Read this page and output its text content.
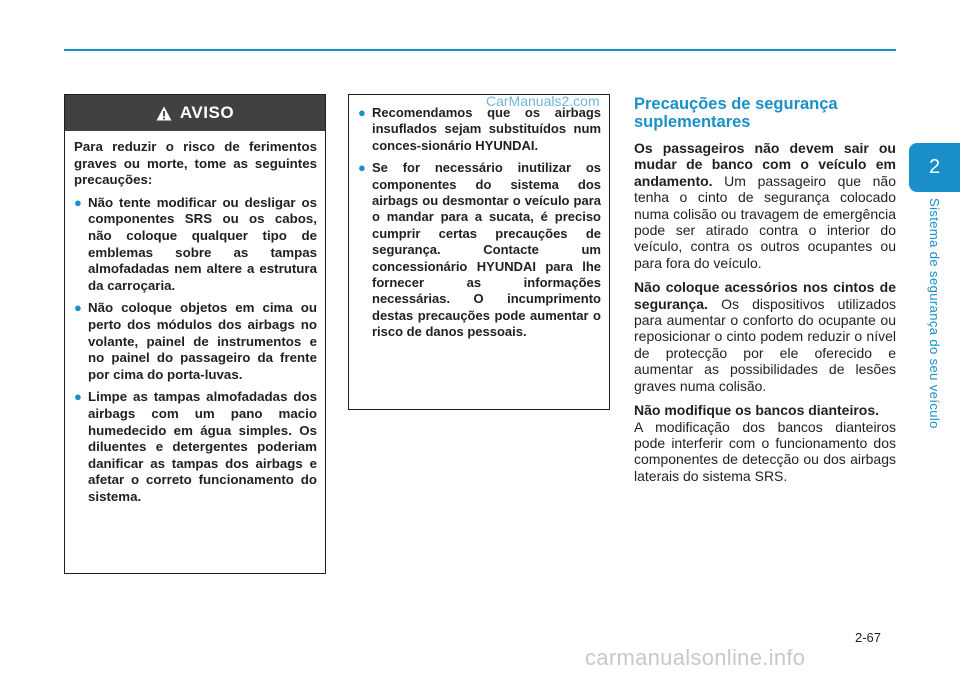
2
Sistema de segurança do seu veículo
AVISO

Para reduzir o risco de ferimentos graves ou morte, tome as seguintes precauções:

● Não tente modificar ou desligar os componentes SRS ou os cabos, não coloque qualquer tipo de emblemas sobre as tampas almofadadas nem altere a estrutura da carroçaria.
● Não coloque objetos em cima ou perto dos módulos dos airbags no volante, painel de instrumentos e no painel do passageiro da frente por cima do porta-luvas.
● Limpe as tampas almofadadas dos airbags com um pano macio humedecido em água simples. Os diluentes e detergentes poderiam danificar as tampas dos airbags e afetar o correto funcionamento do sistema.
● Recomendamos que os airbags insuflados sejam substituídos num conces-sionário HYUNDAI.
● Se for necessário inutilizar os componentes do sistema dos airbags ou desmontar o veículo para o mandar para a sucata, é preciso cumprir certas precauções de segurança. Contacte um concessionário HYUNDAI para lhe fornecer as informações necessárias. O incumprimento destas precauções pode aumentar o risco de danos pessoais.
CarManuals2.com Precauções de segurança suplementares

Os passageiros não devem sair ou mudar de banco com o veículo em andamento. Um passageiro que não tenha o cinto de segurança colocado numa colisão ou travagem de emergência pode ser atirado contra o interior do veículo, contra os outros ocupantes ou para fora do veículo.

Não coloque acessórios nos cintos de segurança. Os dispositivos utilizados para aumentar o conforto do ocupante ou reposicionar o cinto podem reduzir o nível de protecção por ele oferecido e aumentar as possibilidades de lesões graves numa colisão.

Não modifique os bancos dianteiros.
A modificação dos bancos dianteiros pode interferir com o funcionamento dos componentes de detecção ou dos airbags laterais do sistema SRS.

2-67
carmanualsonline.info
